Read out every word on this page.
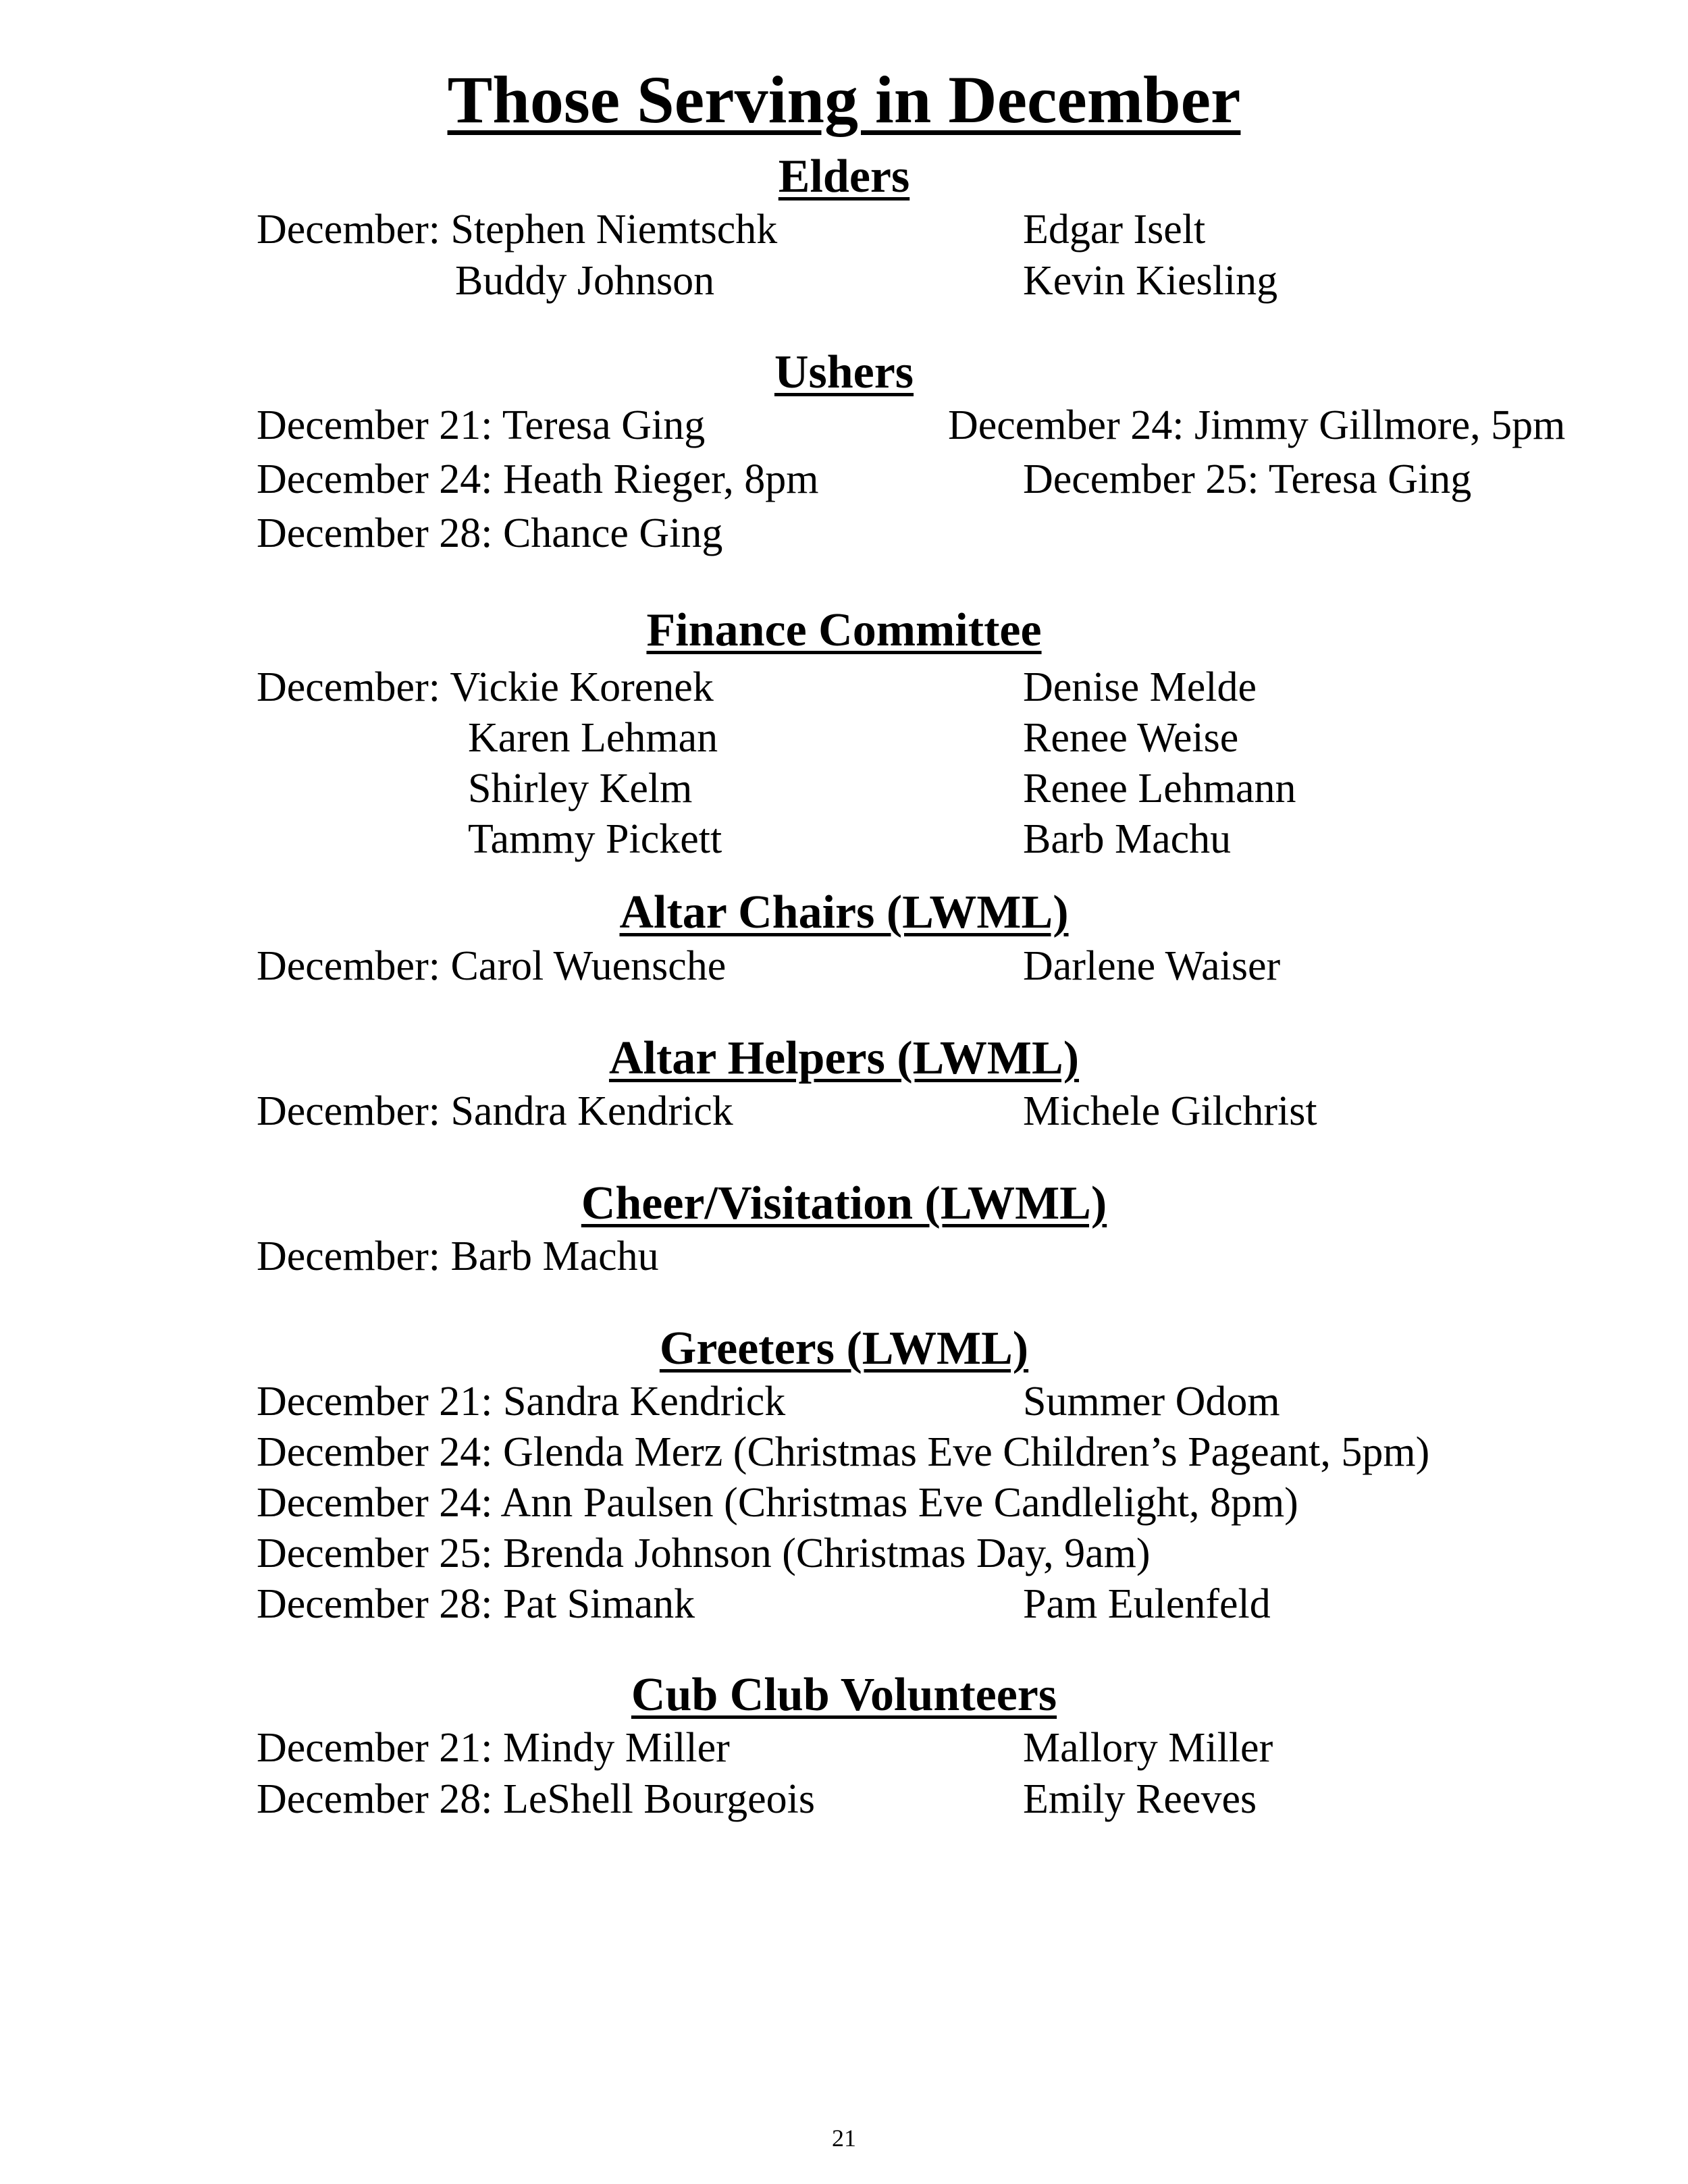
Those Serving in December
Elders

December: Stephen Niemtschk	Edgar Iselt

Buddy Johnson	Kevin Kiesling

Ushers

December 21: Teresa Ging	December 24: Jimmy Gillmore, 5pm

December 24: Heath Rieger, 8pm	December 25: Teresa Ging

December 28: Chance Ging

Finance Committee

December: Vickie Korenek	Denise Melde

Karen Lehman	Renee Weise

Shirley Kelm	Renee Lehmann

Tammy Pickett	Barb Machu

Altar Chairs (LWML)

December: Carol Wuensche	Darlene Waiser

Altar Helpers (LWML)

December: Sandra Kendrick	Michele Gilchrist

Cheer/Visitation (LWML)

December: Barb Machu

Greeters (LWML)

December 21: Sandra Kendrick	Summer Odom

December 24: Glenda Merz (Christmas Eve Children’s Pageant, 5pm)

December 24: Ann Paulsen (Christmas Eve Candlelight, 8pm)

December 25: Brenda Johnson (Christmas Day, 9am)

December 28: Pat Simank	Pam Eulenfeld

Cub Club Volunteers

December 21: Mindy Miller	Mallory Miller

December 28: LeShell Bourgeois	Emily Reeves

21
